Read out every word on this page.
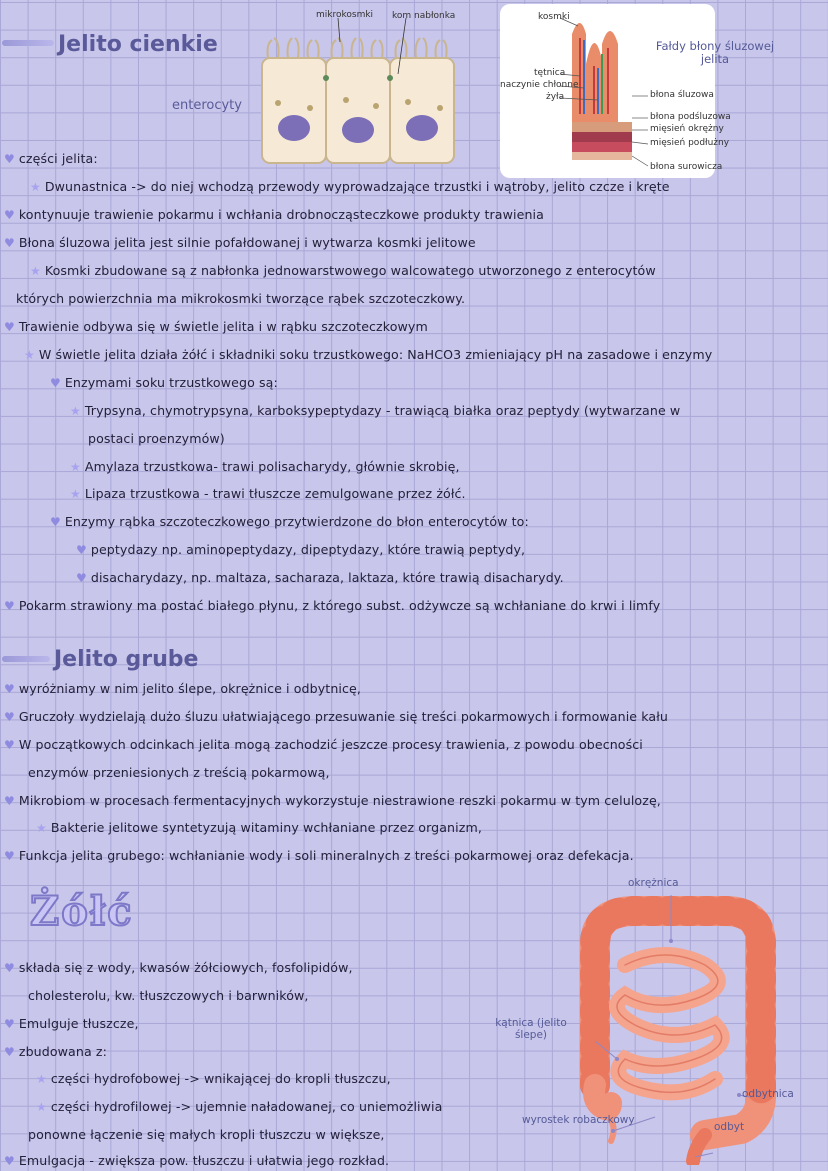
Jelito cienkie
mikrokosmki kom nabłonka
enterocyty
kosmki
tętnica
naczynie chłonne
żyła	błona śluzowa
błona podśluzowa
mięsień okrężny
mięsień podłużny
błona surowicza
Fałdy błony śluzowej jelita
♥ części jelita:
★ Dwunastnica -> do niej wchodzą przewody wyprowadzające trzustki i wątroby, jelito czcze i kręte
♥ kontynuuje trawienie pokarmu i wchłania drobnocząsteczkowe produkty trawienia
♥ Błona śluzowa jelita jest silnie pofałdowanej i wytwarza kosmki jelitowe
★ Kosmki zbudowane są z nabłonka jednowarstwowego walcowatego utworzonego z enterocytów
których powierzchnia ma mikrokosmki tworzące rąbek szczoteczkowy.
♥ Trawienie odbywa się w świetle jelita i w rąbku szczoteczkowym
★ W świetle jelita działa żółć i składniki soku trzustkowego: NaHCO3 zmieniający pH na zasadowe i enzymy
♥ Enzymami soku trzustkowego są:
★ Trypsyna, chymotrypsyna, karboksypeptydazy - trawiącą białka oraz peptydy (wytwarzane w
postaci proenzymów)
★ Amylaza trzustkowa- trawi polisacharydy, głównie skrobię,
★ Lipaza trzustkowa - trawi tłuszcze zemulgowane przez żółć.
♥ Enzymy rąbka szczoteczkowego przytwierdzone do błon enterocytów to:
♥ peptydazy np. aminopeptydazy, dipeptydazy, które trawią peptydy,
♥ disacharydazy, np. maltaza, sacharaza, laktaza, które trawią disacharydy.
♥ Pokarm strawiony ma postać białego płynu, z którego subst. odżywcze są wchłaniane do krwi i limfy
Jelito grube
♥ wyróżniamy w nim jelito ślepe, okrężnice i odbytnicę,
♥ Gruczoły wydzielają dużo śluzu ułatwiającego przesuwanie się treści pokarmowych i formowanie kału
♥ W początkowych odcinkach jelita mogą zachodzić jeszcze procesy trawienia, z powodu obecności
enzymów przeniesionych z treścią pokarmową,
♥ Mikrobiom w procesach fermentacyjnych wykorzystuje niestrawione reszki pokarmu w tym celulozę,
★ Bakterie jelitowe syntetyzują witaminy wchłaniane przez organizm,
♥ Funkcja jelita grubego: wchłanianie wody i soli mineralnych z treści pokarmowej oraz defekacja.
Żółć
♥ składa się z wody, kwasów żółciowych, fosfolipidów,
cholesterolu, kw. tłuszczowych i barwników,
♥ Emulguje tłuszcze,
♥ zbudowana z:
★ części hydrofobowej -> wnikającej do kropli tłuszczu,
★ części hydrofilowej -> ujemnie naładowanej, co uniemożliwia
ponowne łączenie się małych kropli tłuszczu w większe,
♥ Emulgacja - zwiększa pow. tłuszczu i ułatwia jego rozkład.
okrężnica
kątnica (jelito ślepe)
odbytnica
wyrostek robaczkowy
odbyt
